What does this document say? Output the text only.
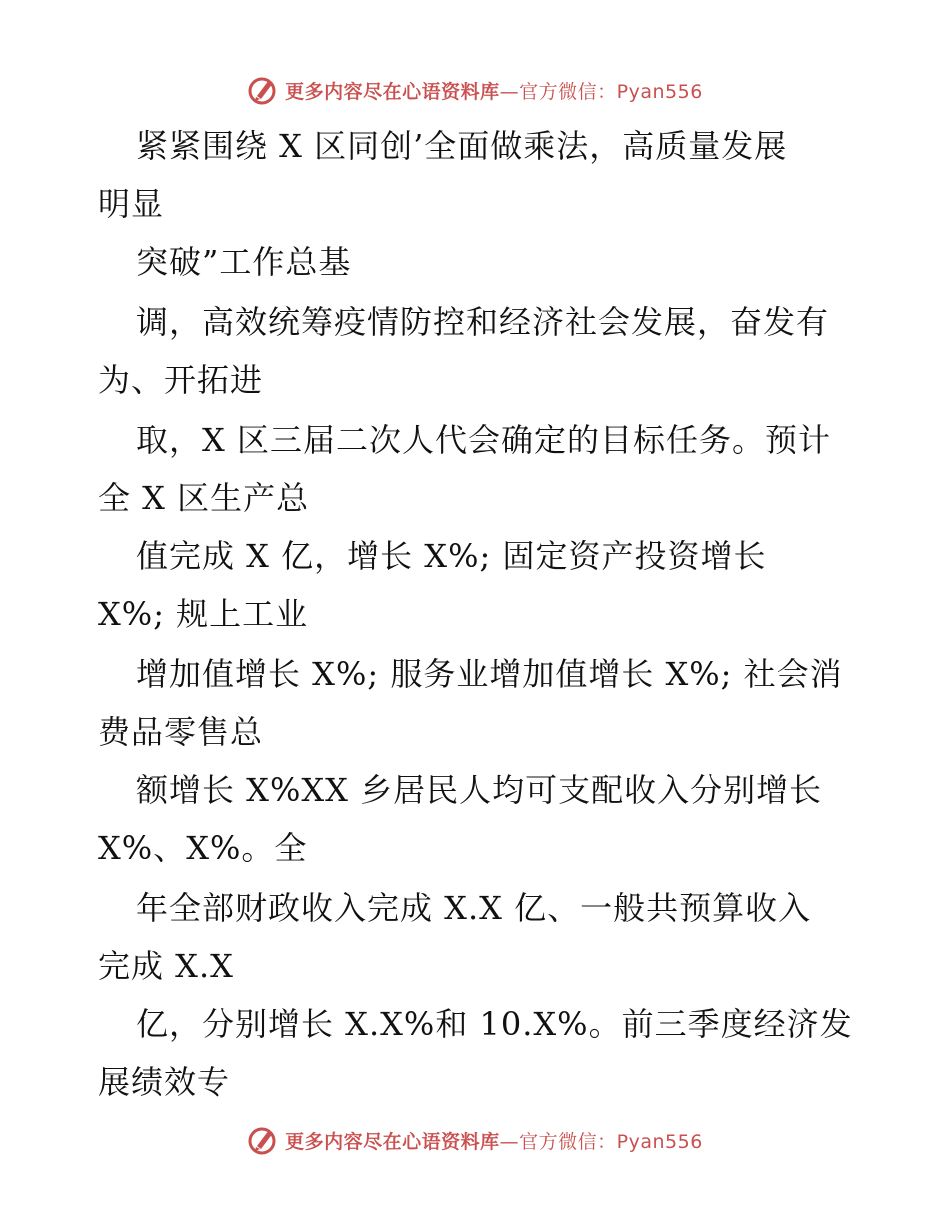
更多内容尽在心语资料库—官方微信：Pyan556
紧紧围绕 X 区同创’全面做乘法，高质量发展
明显
突破”工作总基
调，高效统筹疫情防控和经济社会发展，奋发有
为、开拓进
取，X 区三届二次人代会确定的目标任务。预计
全 X 区生产总
值完成 X 亿，增长 X%; 固定资产投资增长
X%; 规上工业
增加值增长 X%; 服务业增加值增长 X%; 社会消
费品零售总
额增长 X%XX 乡居民人均可支配收入分别增长
X%、X%。全
年全部财政收入完成 X.X 亿、一般共预算收入
完成 X.X
亿，分别增长 X.X%和 10.X%。前三季度经济发
展绩效专
更多内容尽在心语资料库—官方微信：Pyan556
